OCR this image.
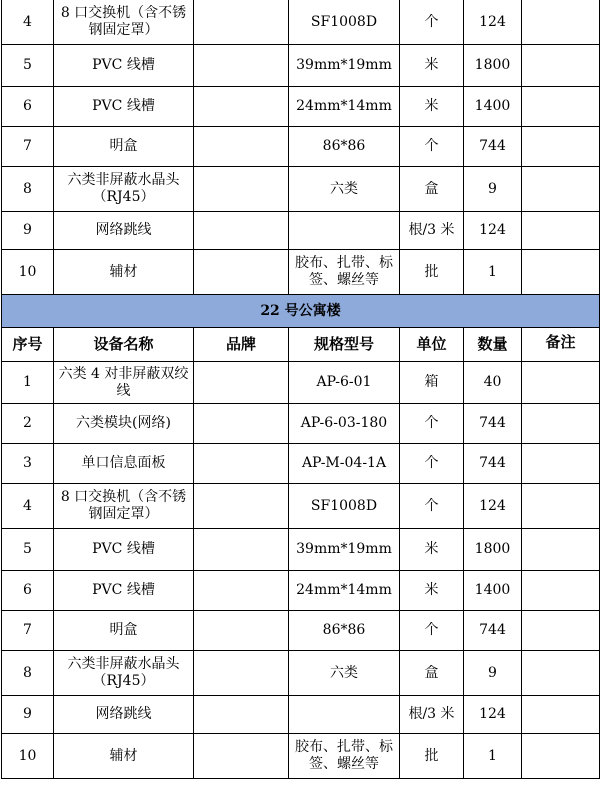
4	8 口交换机（含不锈钢固定罩）		SF1008D	个	124	
5	PVC 线槽		39mm*19mm	米	1800	
6	PVC 线槽		24mm*14mm	米	1400	
7	明盒		86*86	个	744	
8	六类非屏蔽水晶头（RJ45）		六类	盒	9	
9	网络跳线			根/3 米	124	
10	辅材		胶布、扎带、标签、螺丝等	批	1	
22 号公寓楼						
序号	设备名称	品牌	规格型号	单位	数量	备注
1	六类 4 对非屏蔽双绞线		AP-6-01	箱	40	
2	六类模块(网络)		AP-6-03-180	个	744	
3	单口信息面板		AP-M-04-1A	个	744	
4	8 口交换机（含不锈钢固定罩）		SF1008D	个	124	
5	PVC 线槽		39mm*19mm	米	1800	
6	PVC 线槽		24mm*14mm	米	1400	
7	明盒		86*86	个	744	
8	六类非屏蔽水晶头（RJ45）		六类	盒	9	
9	网络跳线			根/3 米	124	
10	辅材		胶布、扎带、标签、螺丝等	批	1	
